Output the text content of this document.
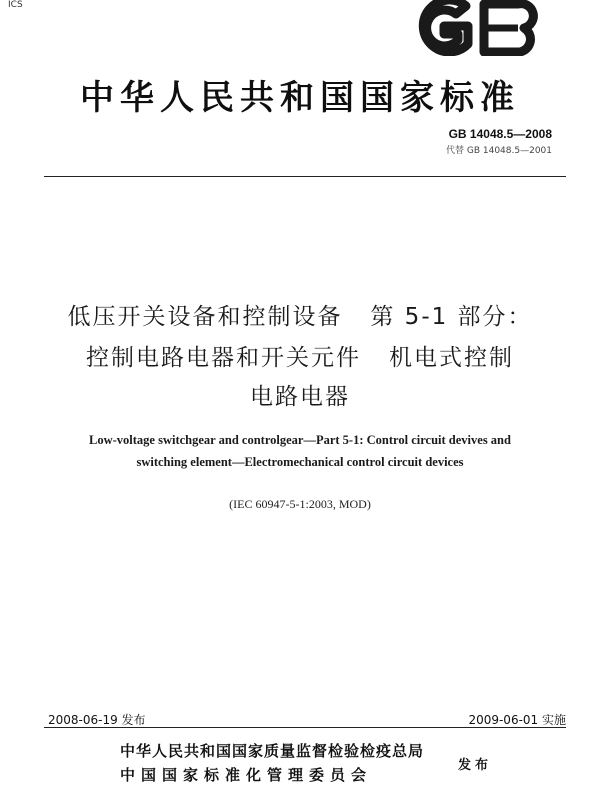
ICS
中华人民共和国国家标准
GB 14048.5—2008
代替 GB 14048.5—2001
低压开关设备和控制设备   第 5-1 部分：
控制电路电器和开关元件   机电式控制
电路电器
Low-voltage switchgear and controlgear—Part 5-1: Control circuit devives and
switching element—Electromechanical control circuit devices
(IEC 60947-5-1:2003, MOD)
2008-06-19 发布	2009-06-01 实施
中华人民共和国国家质量监督检验检疫总局
中国国家标准化管理委员会
发布
